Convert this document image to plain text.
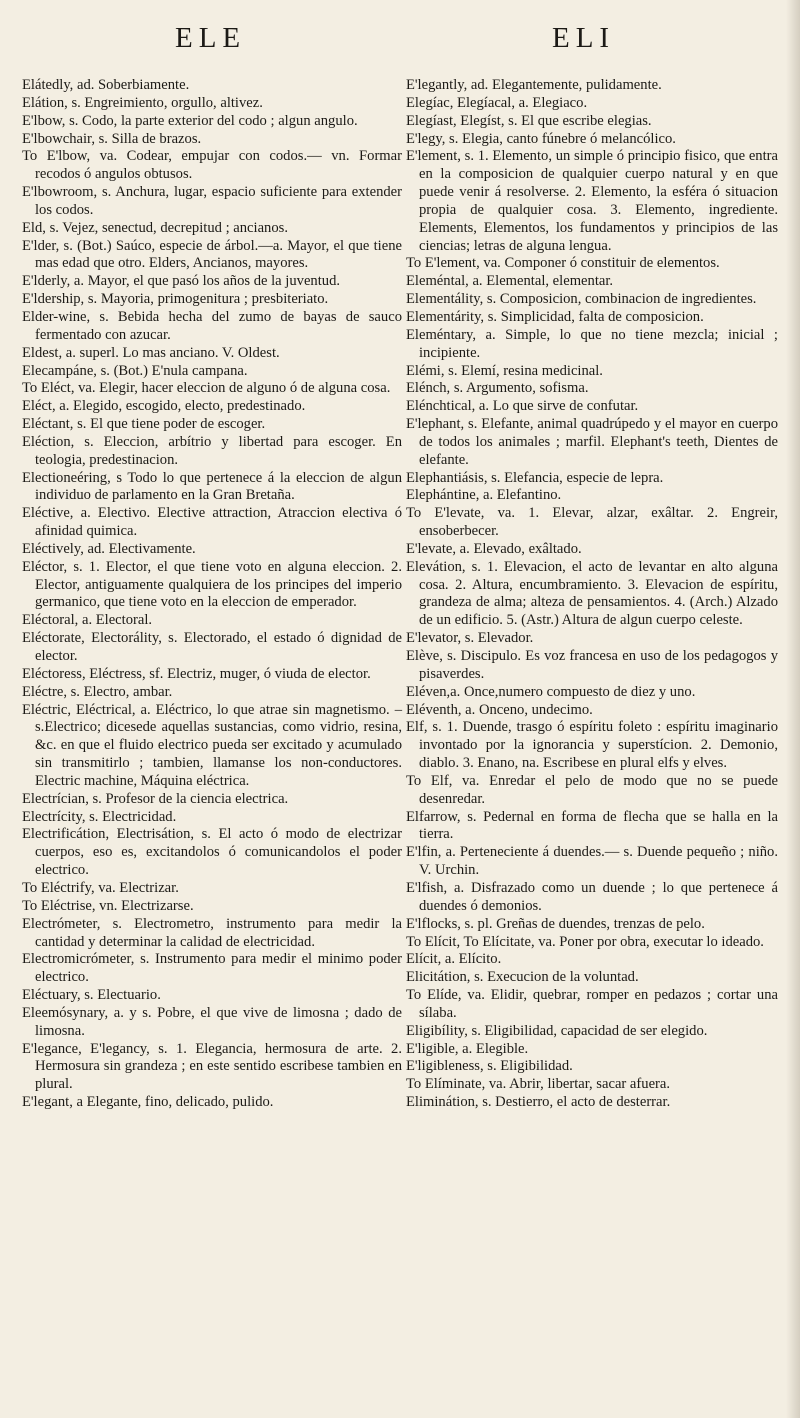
ELE	ELI

Elátedly, ad. Soberbiamente.

Elátion, s. Engreimiento, orgullo, altivez.

E'lbow, s. Codo, la parte exterior del codo ; algun angulo.

E'lbowchair, s. Silla de brazos.

To E'lbow, va. Codear, empujar con codos.— vn. Formar recodos ó angulos obtusos.

E'lbowroom, s. Anchura, lugar, espacio suficiente para extender los codos.

Eld, s. Vejez, senectud, decrepitud ; ancianos.

E'lder, s. (Bot.) Saúco, especie de árbol.—a. Mayor, el que tiene mas edad que otro. Elders, Ancianos, mayores.

E'lderly, a. Mayor, el que pasó los años de la juventud.

E'ldership, s. Mayoria, primogenitura ; presbiteriato.

Elder-wine, s. Bebida hecha del zumo de bayas de sauco fermentado con azucar.

Eldest, a. superl. Lo mas anciano. V. Oldest.

Elecampáne, s. (Bot.) E'nula campana.

To Eléct, va. Elegir, hacer eleccion de alguno ó de alguna cosa.

Eléct, a. Elegido, escogido, electo, predestinado.

Eléctant, s. El que tiene poder de escoger.

Eléction, s. Eleccion, arbítrio y libertad para escoger. En teologia, predestinacion.

Electioneéring, s Todo lo que pertenece á la eleccion de algun individuo de parlamento en la Gran Bretaña.

Eléctive, a. Electivo. Elective attraction, Atraccion electiva ó afinidad quimica.

Eléctively, ad. Electivamente.

Eléctor, s. 1. Elector, el que tiene voto en alguna eleccion. 2. Elector, antiguamente qualquiera de los principes del imperio germanico, que tiene voto en la eleccion de emperador.

Eléctoral, a. Electoral.

Eléctorate, Electorálity, s. Electorado, el estado ó dignidad de elector.

Eléctoress, Eléctress, sf. Electriz, muger, ó viuda de elector.

Eléctre, s. Electro, ambar.

Eléctric, Eléctrical, a. Eléctrico, lo que atrae sin magnetismo. – s.Electrico; dicesede aquellas sustancias, como vidrio, resina, &c. en que el fluido electrico pueda ser excitado y acumulado sin transmitirlo ; tambien, llamanse los non-conductores. Electric machine, Máquina eléctrica.

Electrícian, s. Profesor de la ciencia electrica.

Electrícity, s. Electricidad.

Electrificátion, Electrisátion, s. El acto ó modo de electrizar cuerpos, eso es, excitandolos ó comunicandolos el poder electrico.

To Eléctrify, va. Electrizar.

To Eléctrise, vn. Electrizarse.

Electrómeter, s. Electrometro, instrumento para medir la cantidad y determinar la calidad de electricidad.

Electromicrómeter, s. Instrumento para medir el minimo poder electrico.

Eléctuary, s. Electuario.

Eleemósynary, a. y s. Pobre, el que vive de limosna ; dado de limosna.

E'legance, E'legancy, s. 1. Elegancia, hermosura de arte. 2. Hermosura sin grandeza ; en este sentido escribese tambien en plural.

E'legant, a Elegante, fino, delicado, pulido.

E'legantly, ad. Elegantemente, pulidamente.

Elegíac, Elegíacal, a. Elegiaco.

Elegíast, Elegíst, s. El que escribe elegias.

E'legy, s. Elegia, canto fúnebre ó melancólico.

E'lement, s. 1. Elemento, un simple ó principio fisico, que entra en la composicion de qualquier cuerpo natural y en que puede venir á resolverse. 2. Elemento, la esféra ó situacion propia de qualquier cosa. 3. Elemento, ingrediente. Elements, Elementos, los fundamentos y principios de las ciencias; letras de alguna lengua.

To E'lement, va. Componer ó constituir de elementos.

Eleméntal, a. Elemental, elementar.

Elementálity, s. Composicion, combinacion de ingredientes.

Elementárity, s. Simplicidad, falta de composicion.

Eleméntary, a. Simple, lo que no tiene mezcla; inicial ; incipiente.

Elémi, s. Elemí, resina medicinal.

Elénch, s. Argumento, sofisma.

Elénchtical, a. Lo que sirve de confutar.

E'lephant, s. Elefante, animal quadrúpedo y el mayor en cuerpo de todos los animales ; marfil. Elephant's teeth, Dientes de elefante.

Elephantiásis, s. Elefancia, especie de lepra.

Elephántine, a. Elefantino.

To E'levate, va. 1. Elevar, alzar, exâltar. 2. Engreir, ensoberbecer.

E'levate, a. Elevado, exâltado.

Elevátion, s. 1. Elevacion, el acto de levantar en alto alguna cosa. 2. Altura, encumbramiento. 3. Elevacion de espíritu, grandeza de alma; alteza de pensamientos. 4. (Arch.) Alzado de un edificio. 5. (Astr.) Altura de algun cuerpo celeste.

E'levator, s. Elevador.

Elève, s. Discipulo. Es voz francesa en uso de los pedagogos y pisaverdes.

Eléven,a. Once,numero compuesto de diez y uno.

Eléventh, a. Onceno, undecimo.

Elf, s. 1. Duende, trasgo ó espíritu foleto : espíritu imaginario invontado por la ignorancia y superstícion. 2. Demonio, diablo. 3. Enano, na. Escribese en plural elfs y elves.

To Elf, va. Enredar el pelo de modo que no se puede desenredar.

Elfarrow, s. Pedernal en forma de flecha que se halla en la tierra.

E'lfin, a. Perteneciente á duendes.— s. Duende pequeño ; niño. V. Urchin.

E'lfish, a. Disfrazado como un duende ; lo que pertenece á duendes ó demonios.

E'lflocks, s. pl. Greñas de duendes, trenzas de pelo.

To Elícit, To Elícitate, va. Poner por obra, executar lo ideado.

Elícit, a. Elícito.

Elicitátion, s. Execucion de la voluntad.

To Elíde, va. Elidir, quebrar, romper en pedazos ; cortar una sílaba.

Eligibílity, s. Eligibilidad, capacidad de ser elegido.

E'ligible, a. Elegible.

E'ligibleness, s. Eligibilidad.

To Elíminate, va. Abrir, libertar, sacar afuera.

Eliminátion, s. Destierro, el acto de desterrar.
